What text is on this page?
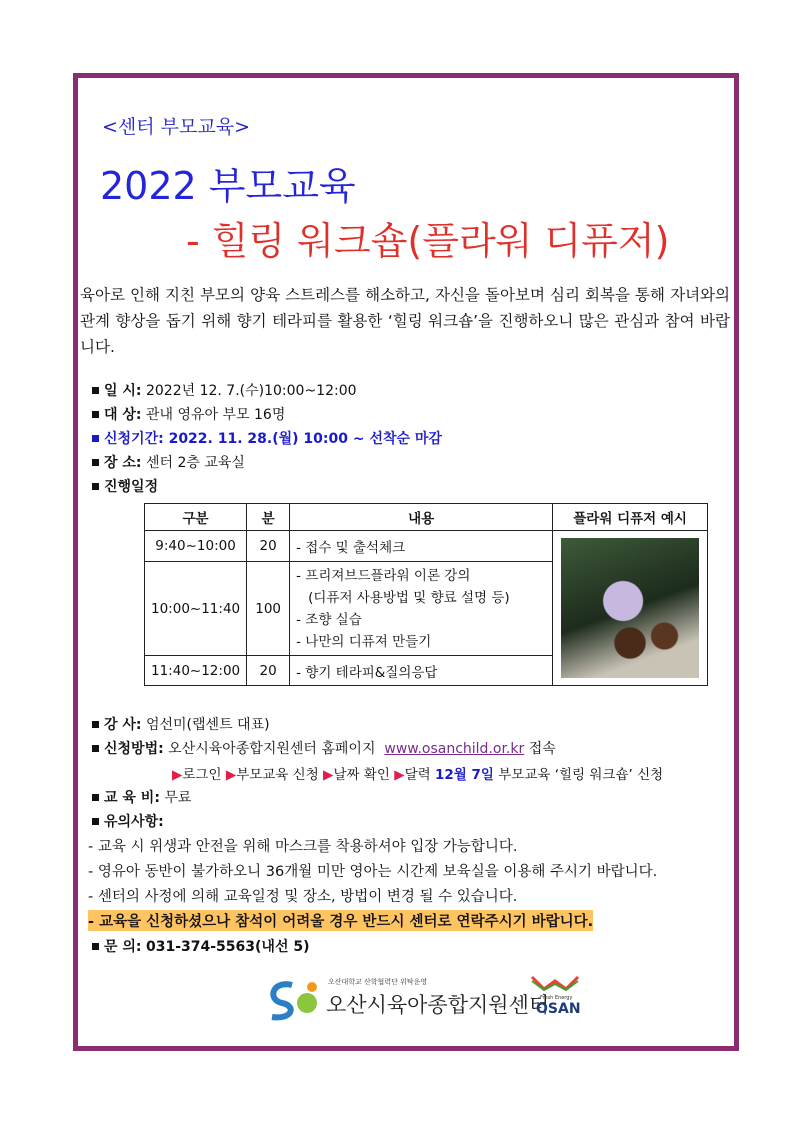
<센터 부모교육>
2022 부모교육
- 힐링 워크숍(플라워 디퓨저)
육아로 인해 지친 부모의 양육 스트레스를 해소하고, 자신을 돌아보며 심리 회복을 통해 자녀와의 관계 향상을 돕기 위해 향기 테라피를 활용한 ‘힐링 워크숍’을 진행하오니 많은 관심과 참여 바랍니다.
일 시: 2022년 12. 7.(수)10:00~12:00
대 상: 관내 영유아 부모 16명
신청기간: 2022. 11. 28.(월) 10:00 ~ 선착순 마감
장 소: 센터 2층 교육실
진행일정
구분	분	내용	플라워 디퓨저 예시
9:40~10:00	20	- 접수 및 출석체크	

10:00~11:40	100	- 프리져브드플라워 이론 강의
(디퓨저 사용방법 및 향료 설명 등)
- 조향 실습
- 나만의 디퓨져 만들기	

11:40~12:00	20	- 향기 테라피&질의응답	
강 사: 엄선미(랩센트 대표)
신청방법: 오산시육아종합지원센터 홈페이지 www.osanchild.or.kr 접속
▶로그인 ▶부모교육 신청 ▶날짜 확인 ▶달력 12월 7일 부모교육 ‘힐링 워크숍’ 신청
교 육 비: 무료
유의사항:
- 교육 시 위생과 안전을 위해 마스크를 착용하셔야 입장 가능합니다.
- 영유아 동반이 불가하오니 36개월 미만 영아는 시간제 보육실을 이용해 주시기 바랍니다.
- 센터의 사정에 의해 교육일정 및 장소, 방법이 변경 될 수 있습니다.
- 교육을 신청하셨으나 참석이 어려울 경우 반드시 센터로 연락주시기 바랍니다.
문 의: 031-374-5563(내선 5)
오산대학교 산학협력단 위탁운영
오산시육아종합지원센터
Fresh Energy
OSAN
